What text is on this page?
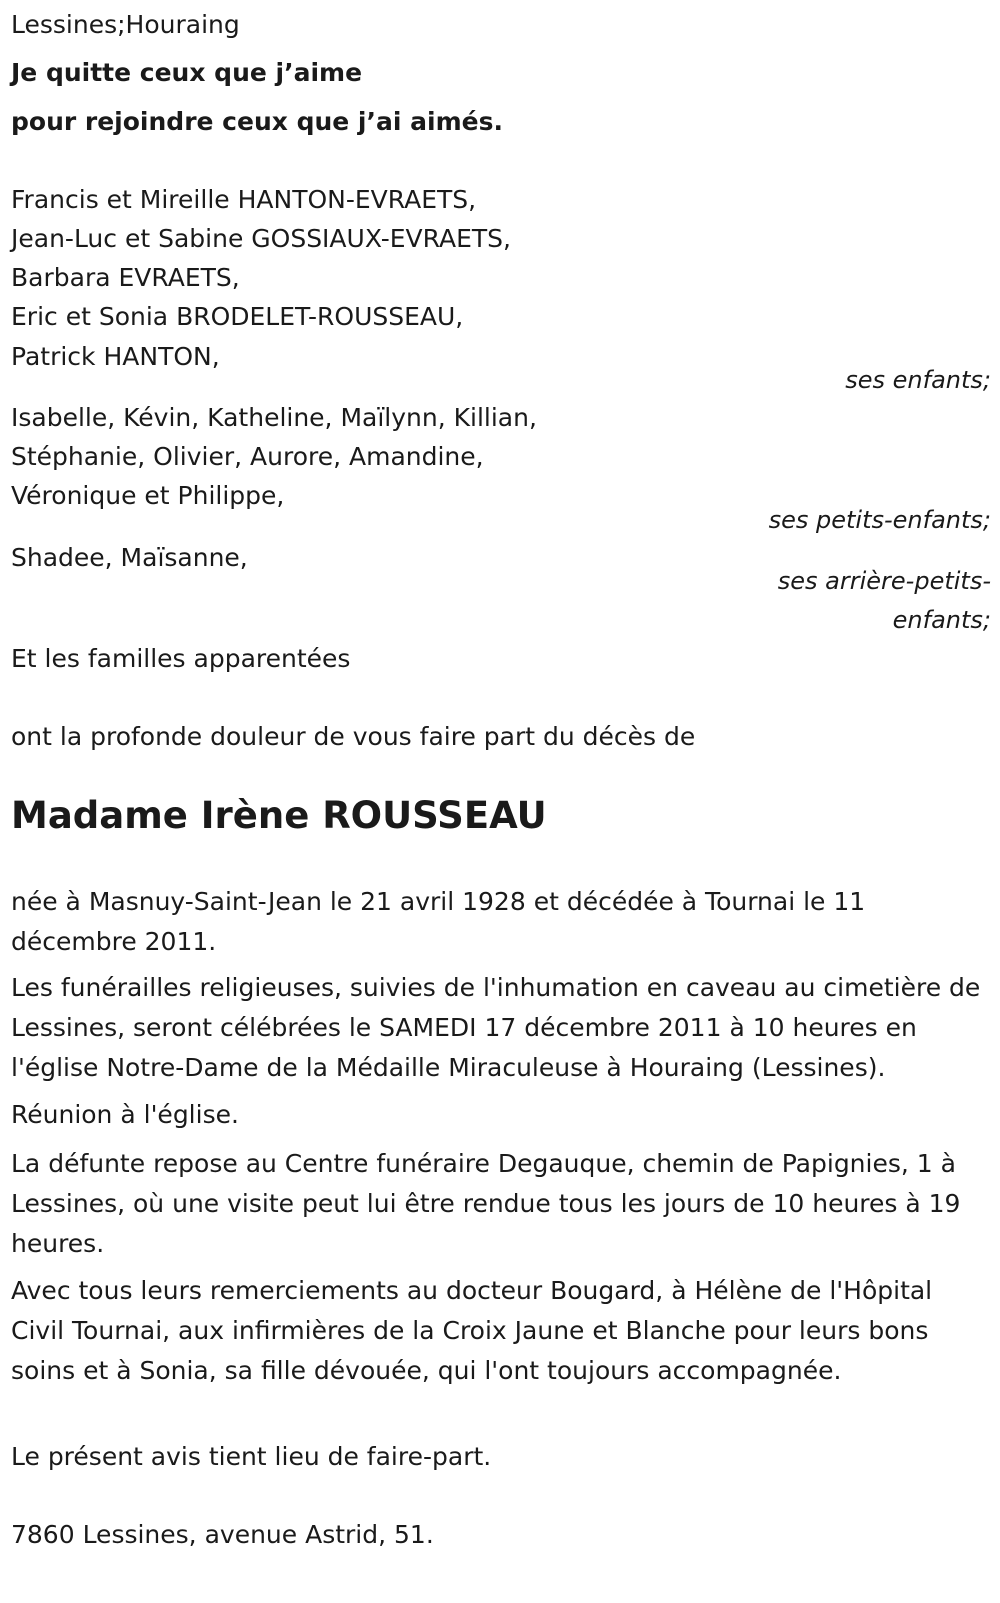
Lessines;Houraing
Je quitte ceux que j’aime
pour rejoindre ceux que j’ai aimés.
Francis et Mireille HANTON-EVRAETS,
Jean-Luc et Sabine GOSSIAUX-EVRAETS,
Barbara EVRAETS,
Eric et Sonia BRODELET-ROUSSEAU,
Patrick HANTON,
ses enfants;
Isabelle, Kévin, Katheline, Maïlynn, Killian,
Stéphanie, Olivier, Aurore, Amandine,
Véronique et Philippe,
ses petits-enfants;
Shadee, Maïsanne,
ses arrière-petits-
enfants;
Et les familles apparentées
ont la profonde douleur de vous faire part du décès de
Madame Irène ROUSSEAU
née à Masnuy-Saint-Jean le 21 avril 1928 et décédée à Tournai le 11 décembre 2011.
Les funérailles religieuses, suivies de l'inhumation en caveau au cimetière de Lessines, seront célébrées le SAMEDI 17 décembre 2011 à 10 heures en l'église Notre-Dame de la Médaille Miraculeuse à Houraing (Lessines).
Réunion à l'église.
La défunte repose au Centre funéraire Degauque, chemin de Papignies, 1 à Lessines, où une visite peut lui être rendue tous les jours de 10 heures à 19 heures.
Avec tous leurs remerciements au docteur Bougard, à Hélène de l'Hôpital Civil Tournai, aux infirmières de la Croix Jaune et Blanche pour leurs bons soins et à Sonia, sa fille dévouée, qui l'ont toujours accompagnée.
Le présent avis tient lieu de faire-part.
7860 Lessines, avenue Astrid, 51.
